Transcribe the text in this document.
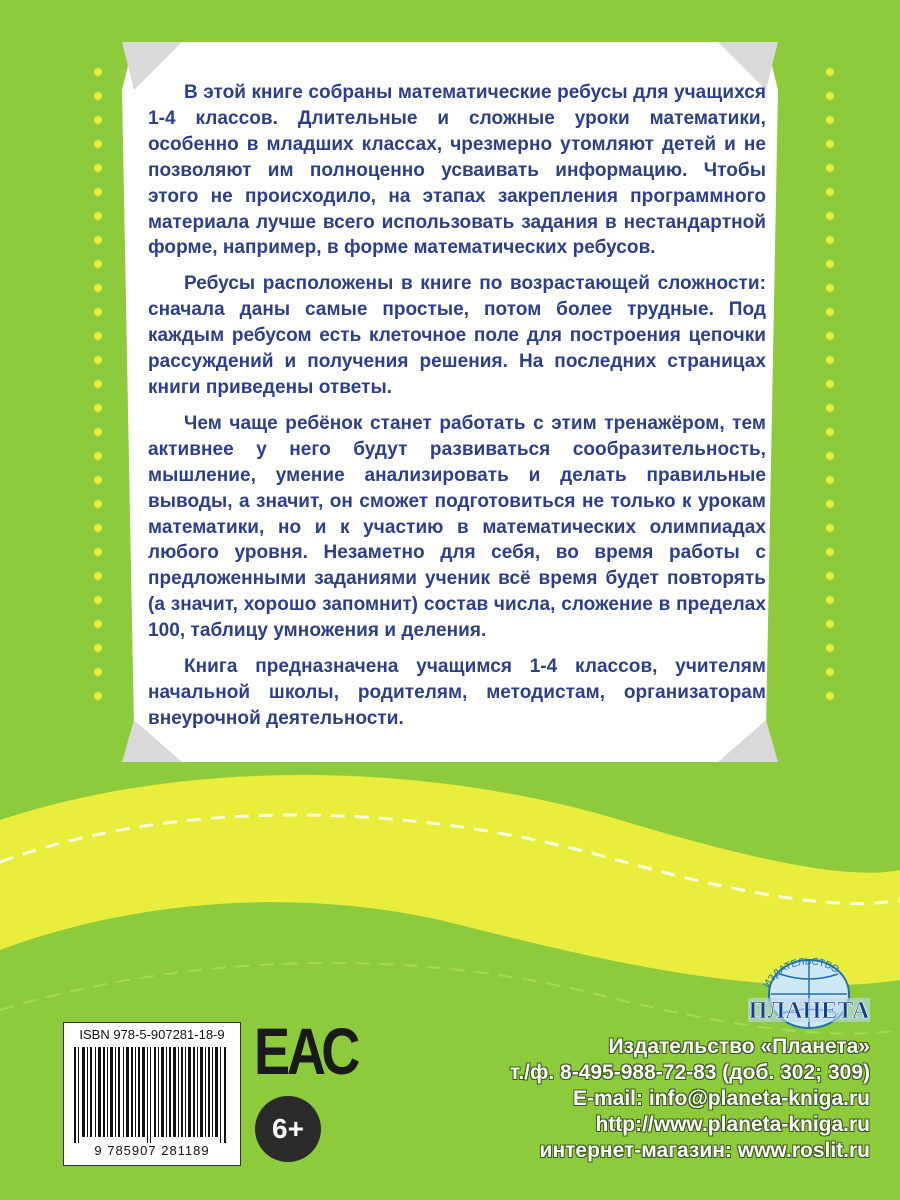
В этой книге собраны математические ребусы для учащихся 1-4 классов. Длительные и сложные уроки математики, особенно в младших классах, чрезмерно утомляют детей и не позволяют им полноценно усваивать информацию. Чтобы этого не происходило, на этапах закрепления программного материала лучше всего использовать задания в нестандартной форме, например, в форме математических ребусов.

Ребусы расположены в книге по возрастающей сложности: сначала даны самые простые, потом более трудные. Под каждым ребусом есть клеточное поле для построения цепочки рассуждений и получения решения. На последних страницах книги приведены ответы.

Чем чаще ребёнок станет работать с этим тренажёром, тем активнее у него будут развиваться сообразительность, мышление, умение анализировать и делать правильные выводы, а значит, он сможет подготовиться не только к урокам математики, но и к участию в математических олимпиадах любого уровня. Незаметно для себя, во время работы с предложенными заданиями ученик всё время будет повторять (а значит, хорошо запомнит) состав числа, сложение в пределах 100, таблицу умножения и деления.

Книга предназначена учащимся 1-4 классов, учителям начальной школы, родителям, методистам, организаторам внеурочной деятельности.

ISBN 978-5-907281-18-9
9 785907 281189
ЕАС
6+
ИЗДАТЕЛЬСТВО
ПЛАНЕТА
Издательство «Планета»
т./ф. 8-495-988-72-83 (доб. 302; 309)
E-mail: info@planeta-kniga.ru
http://www.planeta-kniga.ru
интернет-магазин: www.roslit.ru
